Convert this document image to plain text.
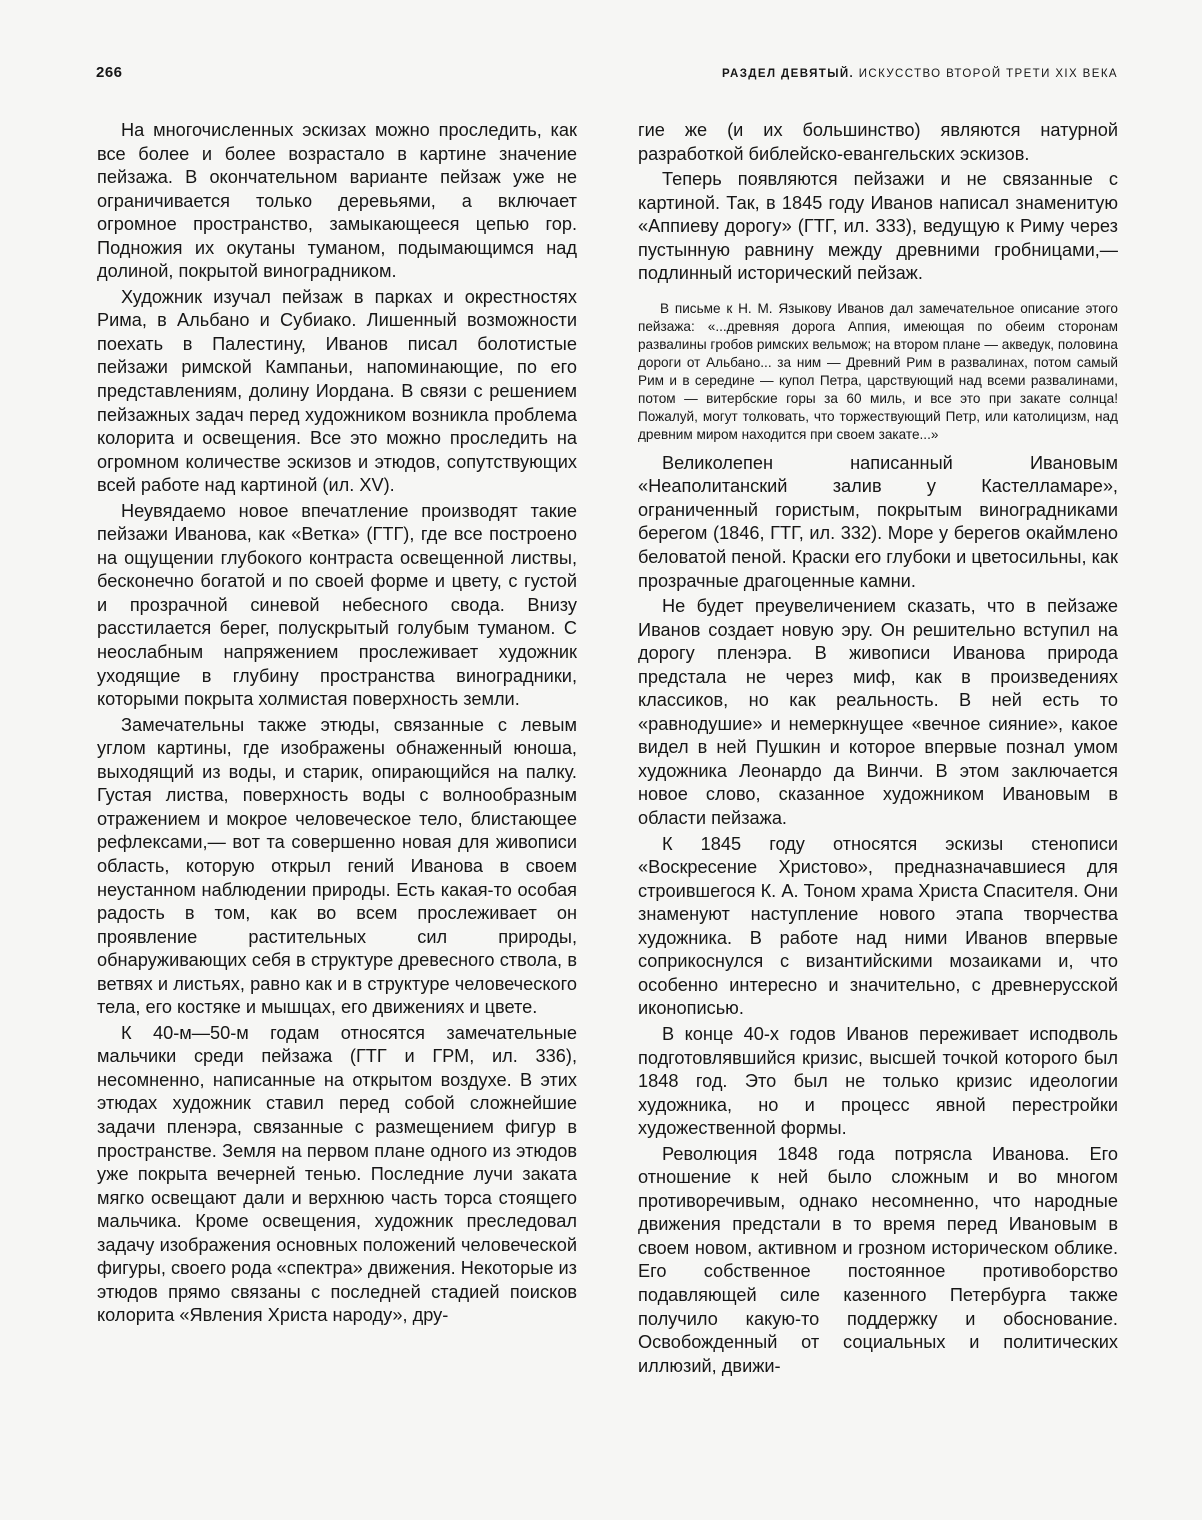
266	РАЗДЕЛ ДЕВЯТЫЙ. ИСКУССТВО ВТОРОЙ ТРЕТИ XIX ВЕКА

На многочисленных эскизах можно проследить, как все более и более возрастало в картине значение пейзажа. В окончательном варианте пейзаж уже не ограничивается только деревьями, а включает огромное пространство, замыкающееся цепью гор. Подножия их окутаны туманом, подымающимся над долиной, покрытой виноградником.

Художник изучал пейзаж в парках и окрестностях Рима, в Альбано и Субиако. Лишенный возможности поехать в Палестину, Иванов писал болотистые пейзажи римской Кампаньи, напоминающие, по его представлениям, долину Иордана. В связи с решением пейзажных задач перед художником возникла проблема колорита и освещения. Все это можно проследить на огромном количестве эскизов и этюдов, сопутствующих всей работе над картиной (ил. XV).

Неувядаемо новое впечатление производят такие пейзажи Иванова, как «Ветка» (ГТГ), где все построено на ощущении глубокого контраста освещенной листвы, бесконечно богатой и по своей форме и цвету, с густой и прозрачной синевой небесного свода. Внизу расстилается берег, полускрытый голубым туманом. С неослабным напряжением прослеживает художник уходящие в глубину пространства виноградники, которыми покрыта холмистая поверхность земли.

Замечательны также этюды, связанные с левым углом картины, где изображены обнаженный юноша, выходящий из воды, и старик, опирающийся на палку. Густая листва, поверхность воды с волнообразным отражением и мокрое человеческое тело, блистающее рефлексами,— вот та совершенно новая для живописи область, которую открыл гений Иванова в своем неустанном наблюдении природы. Есть какая-то особая радость в том, как во всем прослеживает он проявление растительных сил природы, обнаруживающих себя в структуре древесного ствола, в ветвях и листьях, равно как и в структуре человеческого тела, его костяке и мышцах, его движениях и цвете.

К 40-м—50-м годам относятся замечательные мальчики среди пейзажа (ГТГ и ГРМ, ил. 336), несомненно, написанные на открытом воздухе. В этих этюдах художник ставил перед собой сложнейшие задачи пленэра, связанные с размещением фигур в пространстве. Земля на первом плане одного из этюдов уже покрыта вечерней тенью. Последние лучи заката мягко освещают дали и верхнюю часть торса стоящего мальчика. Кроме освещения, художник преследовал задачу изображения основных положений человеческой фигуры, своего рода «спектра» движения. Некоторые из этюдов прямо связаны с последней стадией поисков колорита «Явления Христа народу», дру-

гие же (и их большинство) являются натурной разработкой библейско-евангельских эскизов.

Теперь появляются пейзажи и не связанные с картиной. Так, в 1845 году Иванов написал знаменитую «Аппиеву дорогу» (ГТГ, ил. 333), ведущую к Риму через пустынную равнину между древними гробницами,— подлинный исторический пейзаж.

В письме к Н. М. Языкову Иванов дал замечательное описание этого пейзажа: «...древняя дорога Аппия, имеющая по обеим сторонам развалины гробов римских вельмож; на втором плане — акведук, половина дороги от Альбано... за ним — Древний Рим в развалинах, потом самый Рим и в середине — купол Петра, царствующий над всеми развалинами, потом — витербские горы за 60 миль, и все это при закате солнца! Пожалуй, могут толковать, что торжествующий Петр, или католицизм, над древним миром находится при своем закате...»

Великолепен написанный Ивановым «Неаполитанский залив у Кастелламаре», ограниченный гористым, покрытым виноградниками берегом (1846, ГТГ, ил. 332). Море у берегов окаймлено беловатой пеной. Краски его глубоки и цветосильны, как прозрачные драгоценные камни.

Не будет преувеличением сказать, что в пейзаже Иванов создает новую эру. Он решительно вступил на дорогу пленэра. В живописи Иванова природа предстала не через миф, как в произведениях классиков, но как реальность. В ней есть то «равнодушие» и немеркнущее «вечное сияние», какое видел в ней Пушкин и которое впервые познал умом художника Леонардо да Винчи. В этом заключается новое слово, сказанное художником Ивановым в области пейзажа.

К 1845 году относятся эскизы стенописи «Воскресение Христово», предназначавшиеся для строившегося К. А. Тоном храма Христа Спасителя. Они знаменуют наступление нового этапа творчества художника. В работе над ними Иванов впервые соприкоснулся с византийскими мозаиками и, что особенно интересно и значительно, с древнерусской иконописью.

В конце 40-х годов Иванов переживает исподволь подготовлявшийся кризис, высшей точкой которого был 1848 год. Это был не только кризис идеологии художника, но и процесс явной перестройки художественной формы.

Революция 1848 года потрясла Иванова. Его отношение к ней было сложным и во многом противоречивым, однако несомненно, что народные движения предстали в то время перед Ивановым в своем новом, активном и грозном историческом облике. Его собственное постоянное противоборство подавляющей силе казенного Петербурга также получило какую-то поддержку и обоснование. Освобожденный от социальных и политических иллюзий, движи-
